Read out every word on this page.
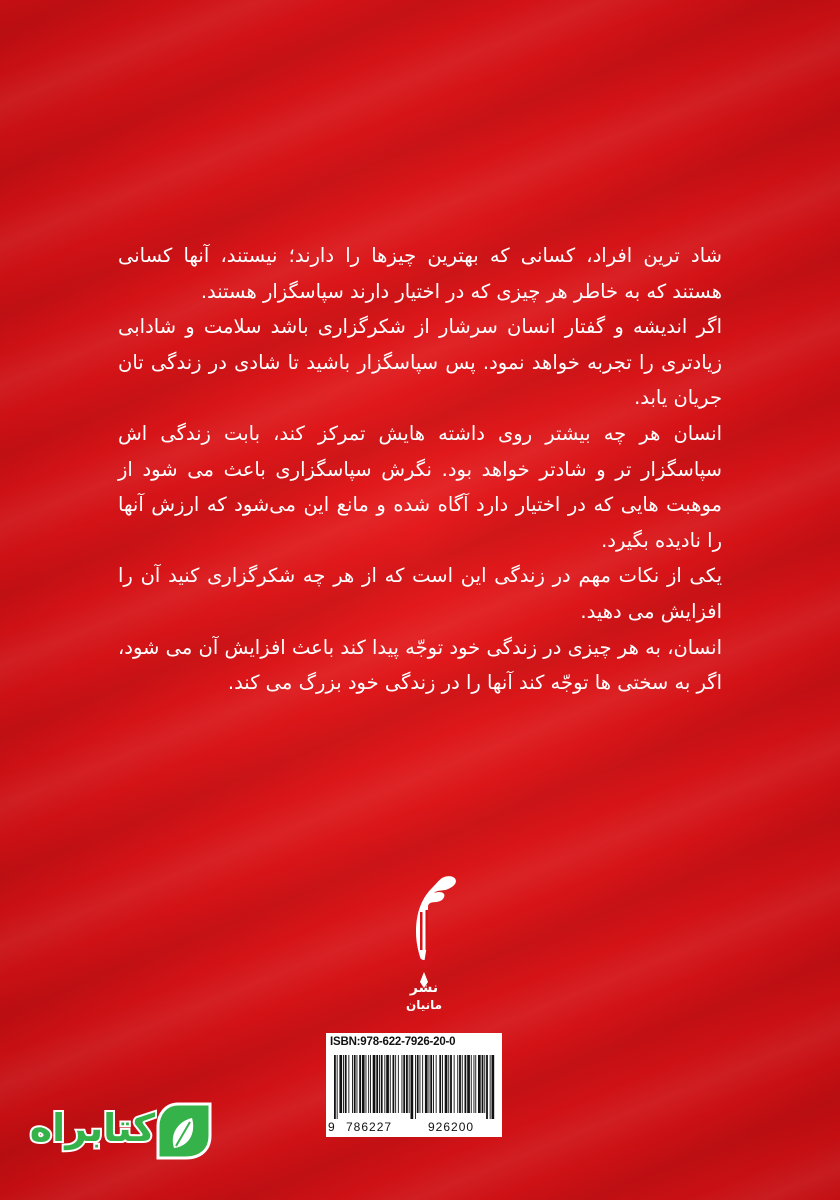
شاد ترین افراد، کسانی که بهترین چیزها را دارند؛ نیستند، آنها کسانی هستند که به خاطر هر چیزی که در اختیار دارند سپاسگزار هستند.

اگر اندیشه و گفتار انسان سرشار از شکرگزاری باشد سلامت و شادابی زیادتری را تجربه خواهد نمود. پس سپاسگزار باشید تا شادی در زندگی تان جریان یابد.

انسان هر چه بیشتر روی داشته هایش تمرکز کند، بابت زندگی اش سپاسگزار تر و شادتر خواهد بود. نگرش سپاسگزاری باعث می شود از موهبت هایی که در اختیار دارد آگاه شده و مانع این می‌شود که ارزش آنها را نادیده بگیرد.

یکی از نکات مهم در زندگی این است که از هر چه شکرگزاری کنید آن را افزایش می دهید.

انسان، به هر چیزی در زندگی خود توجّه پیدا کند باعث افزایش آن می شود، اگر به سختی ها توجّه کند آنها را در زندگی خود بزرگ می کند.

نشر
مانیان
ISBN:978-622-7926-20-0
9 786227	926200
کتابراه
